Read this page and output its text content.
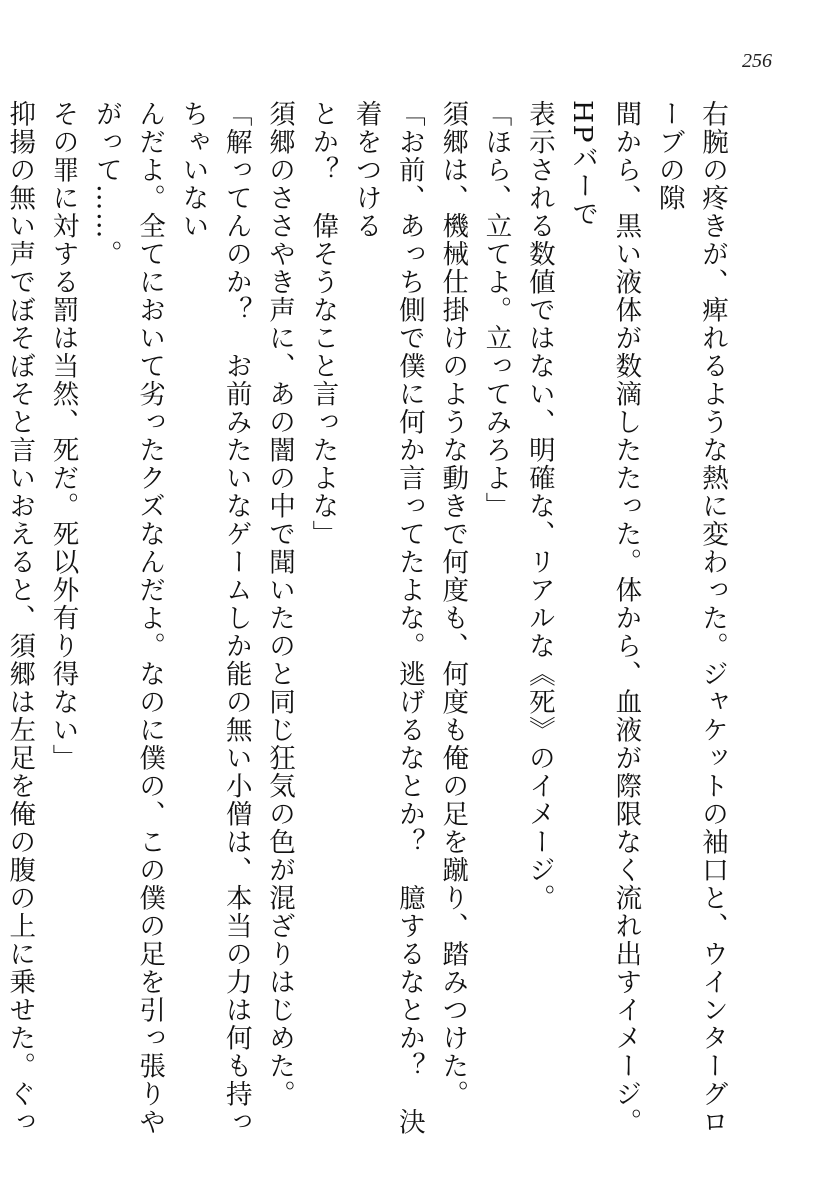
256

右腕の疼きが、痺れるような熱に変わった。ジャケットの袖口と、ウインターグローブの隙

間から、黒い液体が数滴したたった。体から、血液が際限なく流れ出すイメージ。HPバーで

表示される数値ではない、明確な、リアルな《死》のイメージ。

「ほら、立てよ。立ってみろよ」

須郷は、機械仕掛けのような動きで何度も、何度も俺の足を蹴り、踏みつけた。

「お前、あっち側で僕に何か言ってたよな。逃げるなとか？　臆するなとか？　決着をつける

とか？　偉そうなこと言ったよな」

須郷のささやき声に、あの闇の中で聞いたのと同じ狂気の色が混ざりはじめた。

「解ってんのか？　お前みたいなゲームしか能の無い小僧は、本当の力は何も持っちゃいない

んだよ。全てにおいて劣ったクズなんだよ。なのに僕の、この僕の足を引っ張りやがって……。

その罪に対する罰は当然、死だ。死以外有り得ない」

抑揚の無い声でぼそぼそと言いおえると、須郷は左足を俺の腹の上に乗せた。ぐっ
